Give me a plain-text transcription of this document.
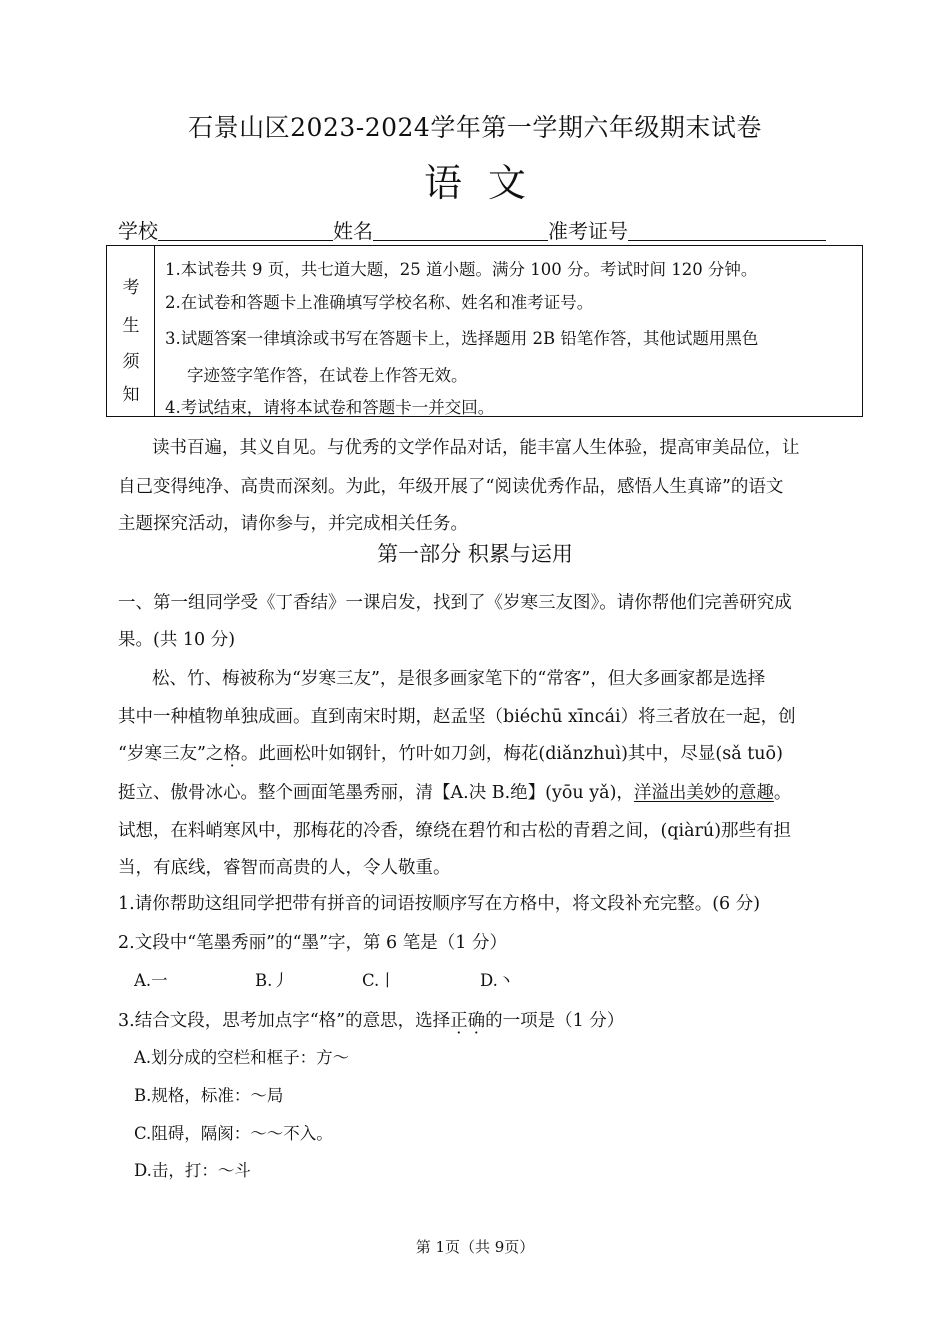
石景山区2023-2024学年第一学期六年级期末试卷
语文
学校	姓名	准考证号
考
生
须
知
1.本试卷共 9 页，共七道大题，25 道小题。满分 100 分。考试时间 120 分钟。
2.在试卷和答题卡上准确填写学校名称、姓名和准考证号。
3.试题答案一律填涂或书写在答题卡上，选择题用 2B 铅笔作答，其他试题用黑色
字迹签字笔作答，在试卷上作答无效。
4.考试结束，请将本试卷和答题卡一并交回。
读书百遍，其义自见。与优秀的文学作品对话，能丰富人生体验，提高审美品位，让
自己变得纯净、高贵而深刻。为此，年级开展了“阅读优秀作品，感悟人生真谛”的语文
主题探究活动，请你参与，并完成相关任务。
第一部分 积累与运用
一、第一组同学受《丁香结》一课启发，找到了《岁寒三友图》。请你帮他们完善研究成
果。(共 10 分)
松、竹、梅被称为“岁寒三友”，是很多画家笔下的“常客”，但大多画家都是选择
其中一种植物单独成画。直到南宋时期，赵孟坚（biéchū xīncái）将三者放在一起，创
“岁寒三友”之格。此画松叶如钢针，竹叶如刀剑，梅花(diǎnzhuì)其中，尽显(sǎ tuō)
挺立、傲骨冰心。整个画面笔墨秀丽，清【A.决 B.绝】(yōu yǎ)，洋溢出美妙的意趣。
试想，在料峭寒风中，那梅花的冷香，缭绕在碧竹和古松的青碧之间，(qiàrú)那些有担
当，有底线，睿智而高贵的人，令人敬重。
1.请你帮助这组同学把带有拼音的词语按顺序写在方格中，将文段补充完整。(6 分)
2.文段中“笔墨秀丽”的“墨”字，第 6 笔是（1 分）
A.一	B.丿	C.丨	D.丶
3.结合文段，思考加点字“格”的意思，选择正确的一项是（1 分）
A.划分成的空栏和框子：方～
B.规格，标准：～局
C.阻碍，隔阂：～～不入。
D.击，打：～斗
第 1页（共 9页）
